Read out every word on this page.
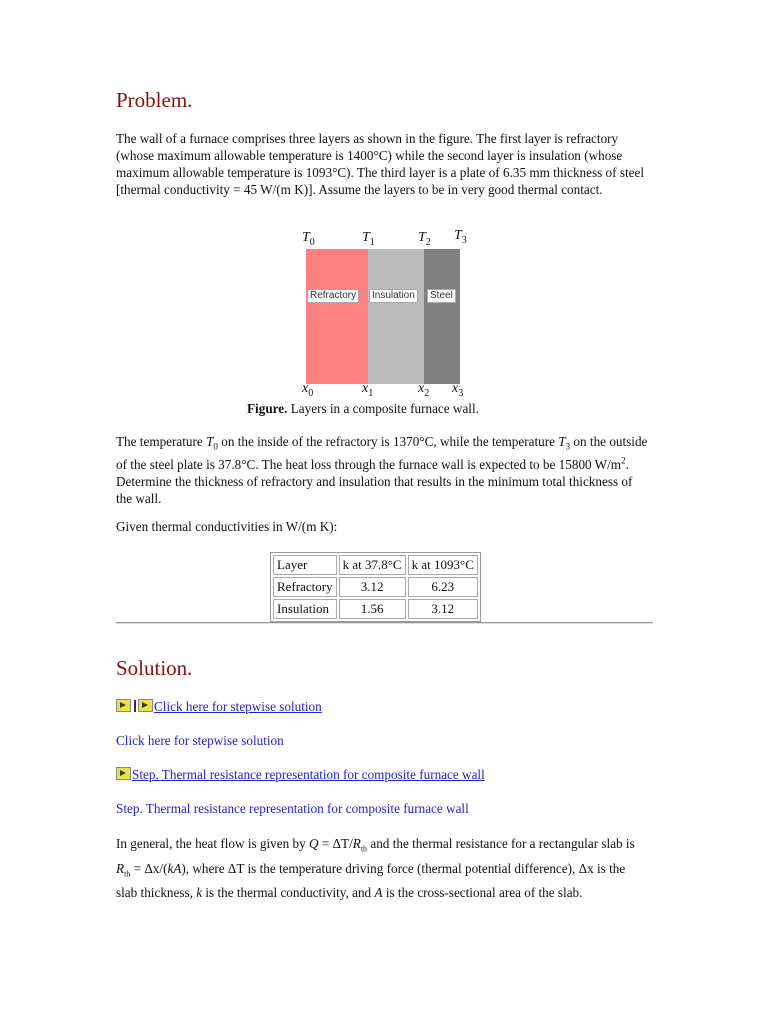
Problem.

The wall of a furnace comprises three layers as shown in the figure. The first layer is refractory (whose maximum allowable temperature is 1400°C) while the second layer is insulation (whose maximum allowable temperature is 1093°C). The third layer is a plate of 6.35 mm thickness of steel [thermal conductivity = 45 W/(m K)]. Assume the layers to be in very good thermal contact.

Refractory	Insulation	Steel
$T_0$	$T_1$	$T_2$ $T_3$
$x_0$	$x_1$	$x_2$ $x_3$

Figure. Layers in a composite furnace wall.

The temperature $T_0$ on the inside of the refractory is 1370°C, while the temperature $T_3$ on the outside of the steel plate is 37.8°C. The heat loss through the furnace wall is expected to be 15800 $W/m^2$. Determine the thickness of refractory and insulation that results in the minimum total thickness of the wall.

Given thermal conductivities in W/(m K):

Layer	k at 37.8°C	k at 1093°C
Refractory	3.12	6.23
Insulation	1.56	3.12
Solution.

Click here for stepwise solution

Click here for stepwise solution

Step. Thermal resistance representation for composite furnace wall

Step. Thermal resistance representation for composite furnace wall

In general, the heat flow is given by $Q = \Delta T/R_{th}$ and the thermal resistance for a rectangular slab is $R_{th} = \Delta x/(kA)$, where ΔT is the temperature driving force (thermal potential difference), Δx is the slab thickness, k is the thermal conductivity, and A is the cross-sectional area of the slab.
